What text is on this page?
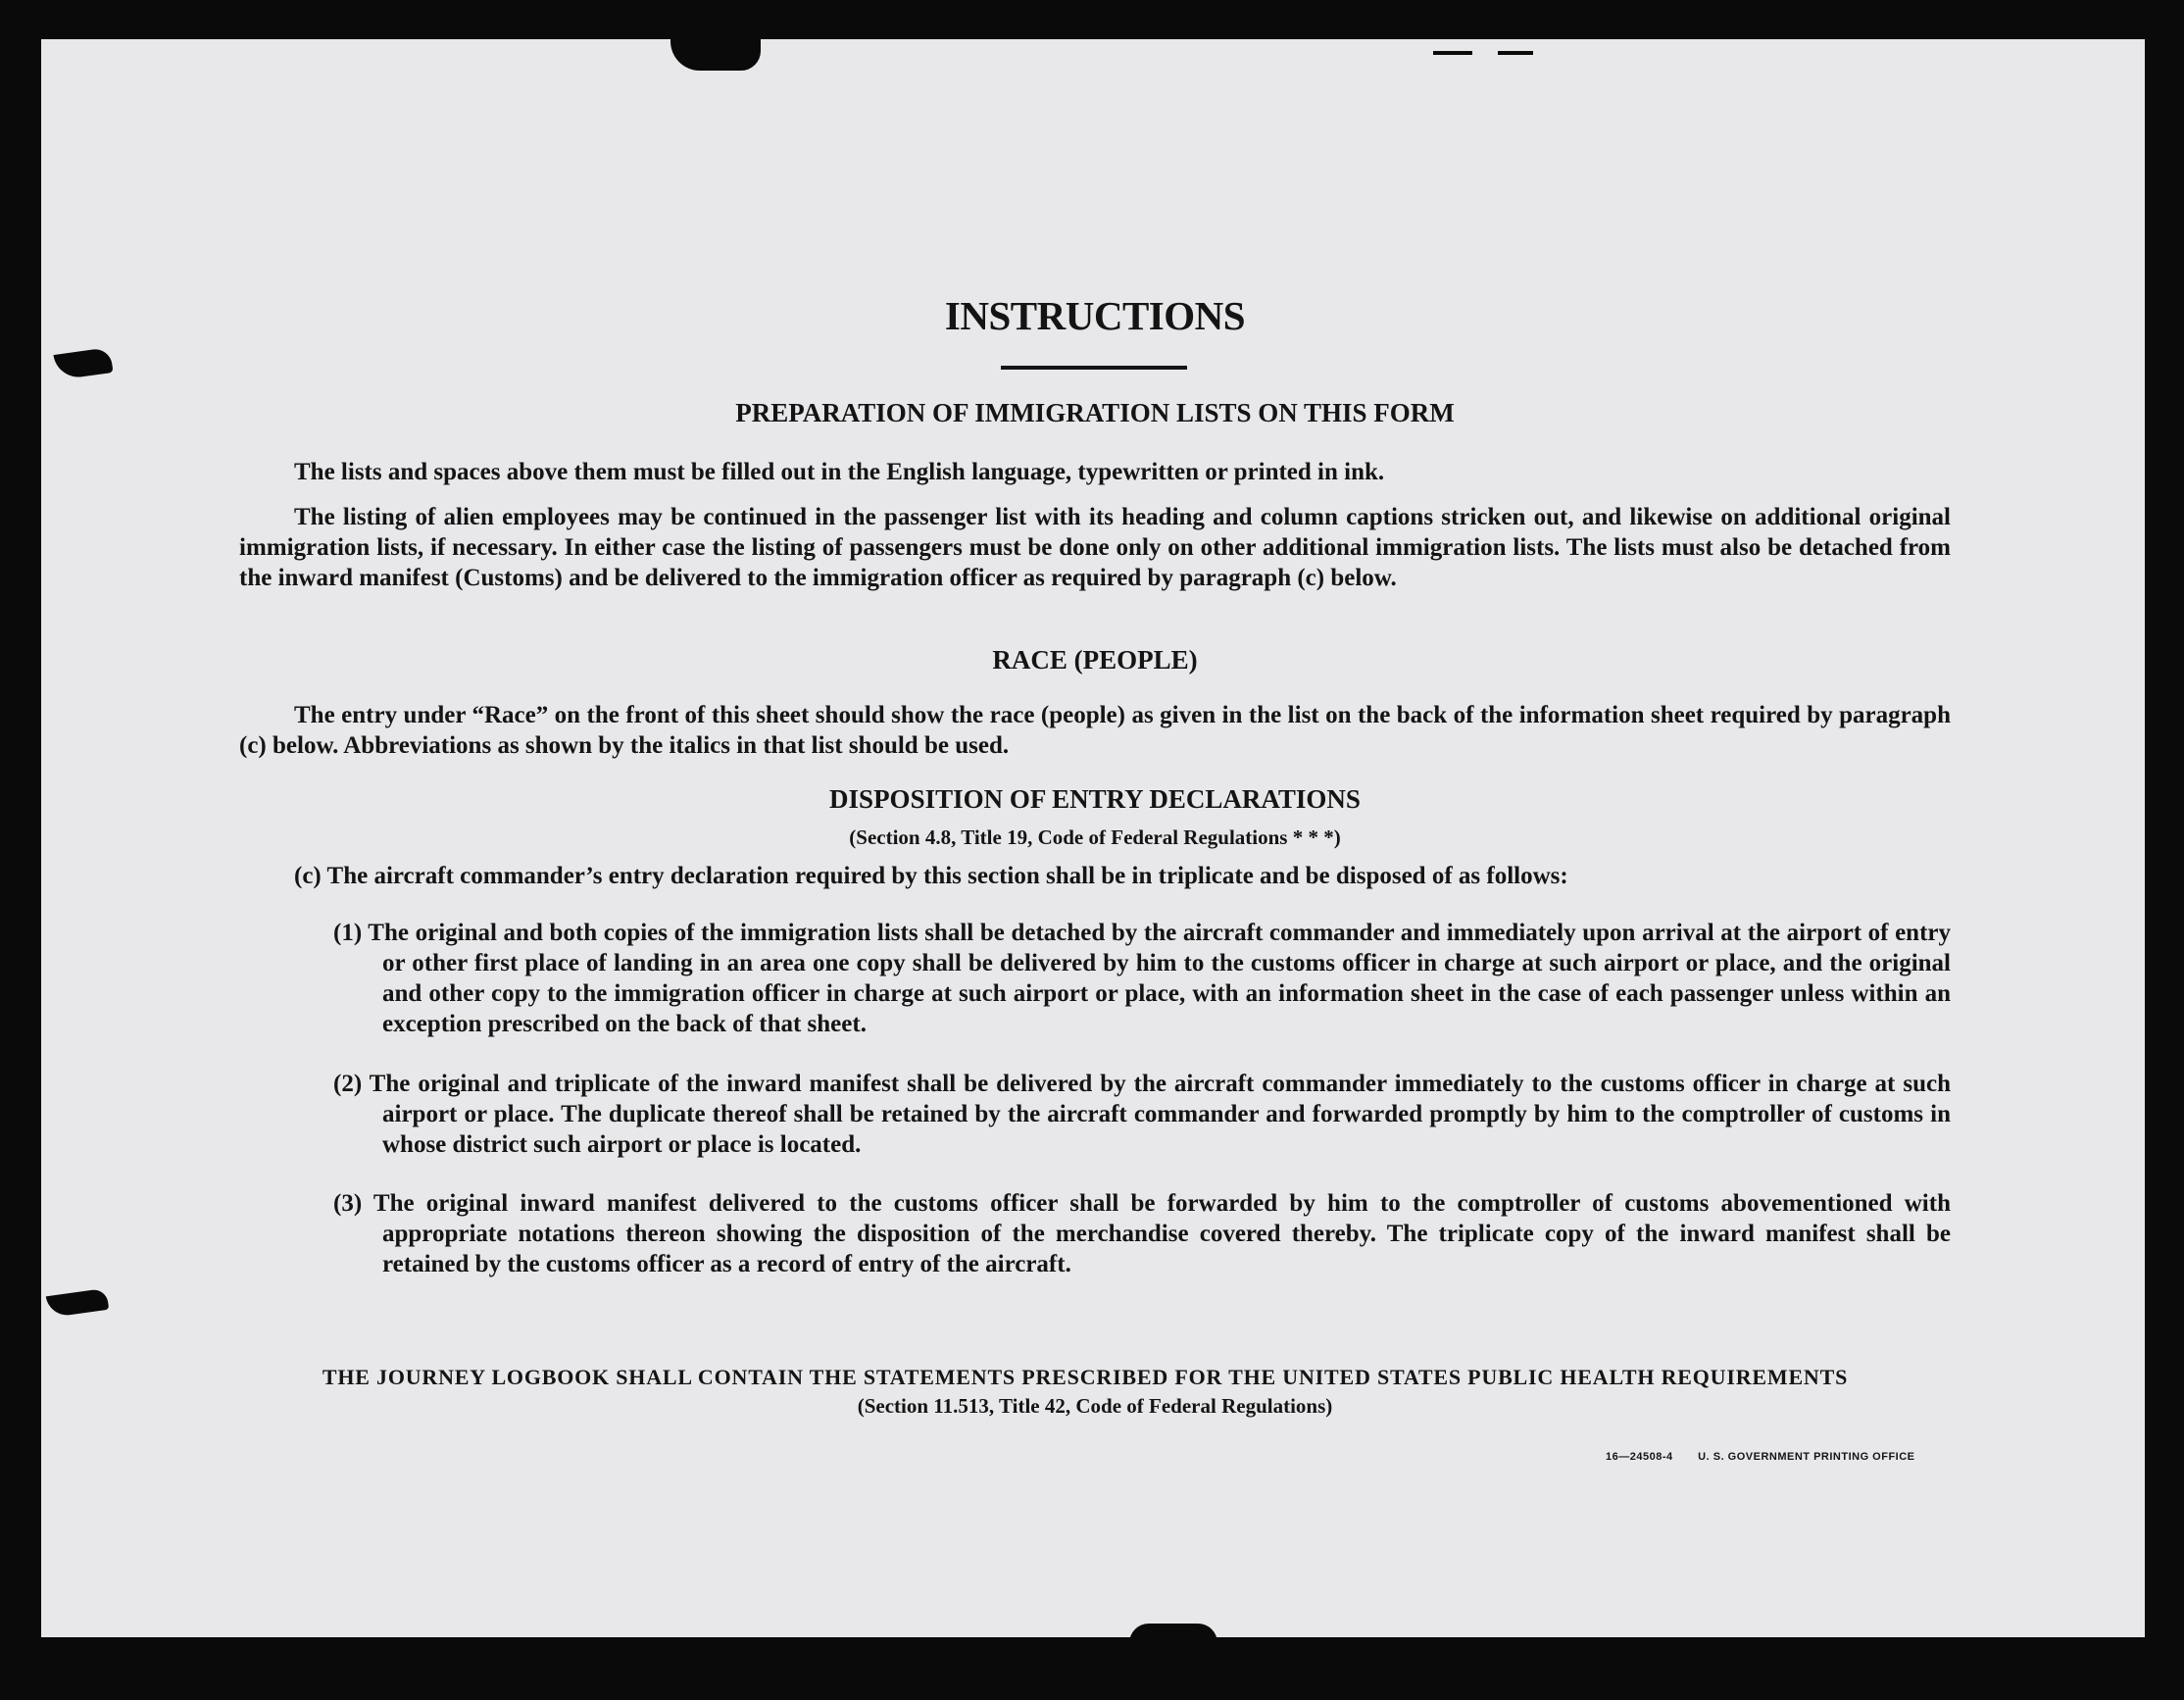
INSTRUCTIONS
PREPARATION OF IMMIGRATION LISTS ON THIS FORM
The lists and spaces above them must be filled out in the English language, typewritten or printed in ink.
The listing of alien employees may be continued in the passenger list with its heading and column captions stricken out, and likewise on additional original immigration lists, if necessary. In either case the listing of passengers must be done only on other additional immigration lists. The lists must also be detached from the inward manifest (Customs) and be delivered to the immigration officer as required by paragraph (c) below.
RACE (PEOPLE)
The entry under “Race” on the front of this sheet should show the race (people) as given in the list on the back of the information sheet required by paragraph (c) below. Abbreviations as shown by the italics in that list should be used.
DISPOSITION OF ENTRY DECLARATIONS
(Section 4.8, Title 19, Code of Federal Regulations * * *)
(c) The aircraft commander’s entry declaration required by this section shall be in triplicate and be disposed of as follows:
(1) The original and both copies of the immigration lists shall be detached by the aircraft commander and immediately upon arrival at the airport of entry or other first place of landing in an area one copy shall be delivered by him to the customs officer in charge at such airport or place, and the original and other copy to the immigration officer in charge at such airport or place, with an information sheet in the case of each passenger unless within an exception prescribed on the back of that sheet.
(2) The original and triplicate of the inward manifest shall be delivered by the aircraft commander immediately to the customs officer in charge at such airport or place. The duplicate thereof shall be retained by the aircraft commander and forwarded promptly by him to the comptroller of customs in whose district such airport or place is located.
(3) The original inward manifest delivered to the customs officer shall be forwarded by him to the comptroller of customs abovementioned with appropriate notations thereon showing the disposition of the merchandise covered thereby. The triplicate copy of the inward manifest shall be retained by the customs officer as a record of entry of the aircraft.
THE JOURNEY LOGBOOK SHALL CONTAIN THE STATEMENTS PRESCRIBED FOR THE UNITED STATES PUBLIC HEALTH REQUIREMENTS
(Section 11.513, Title 42, Code of Federal Regulations)
16—24508-4 U. S. GOVERNMENT PRINTING OFFICE
